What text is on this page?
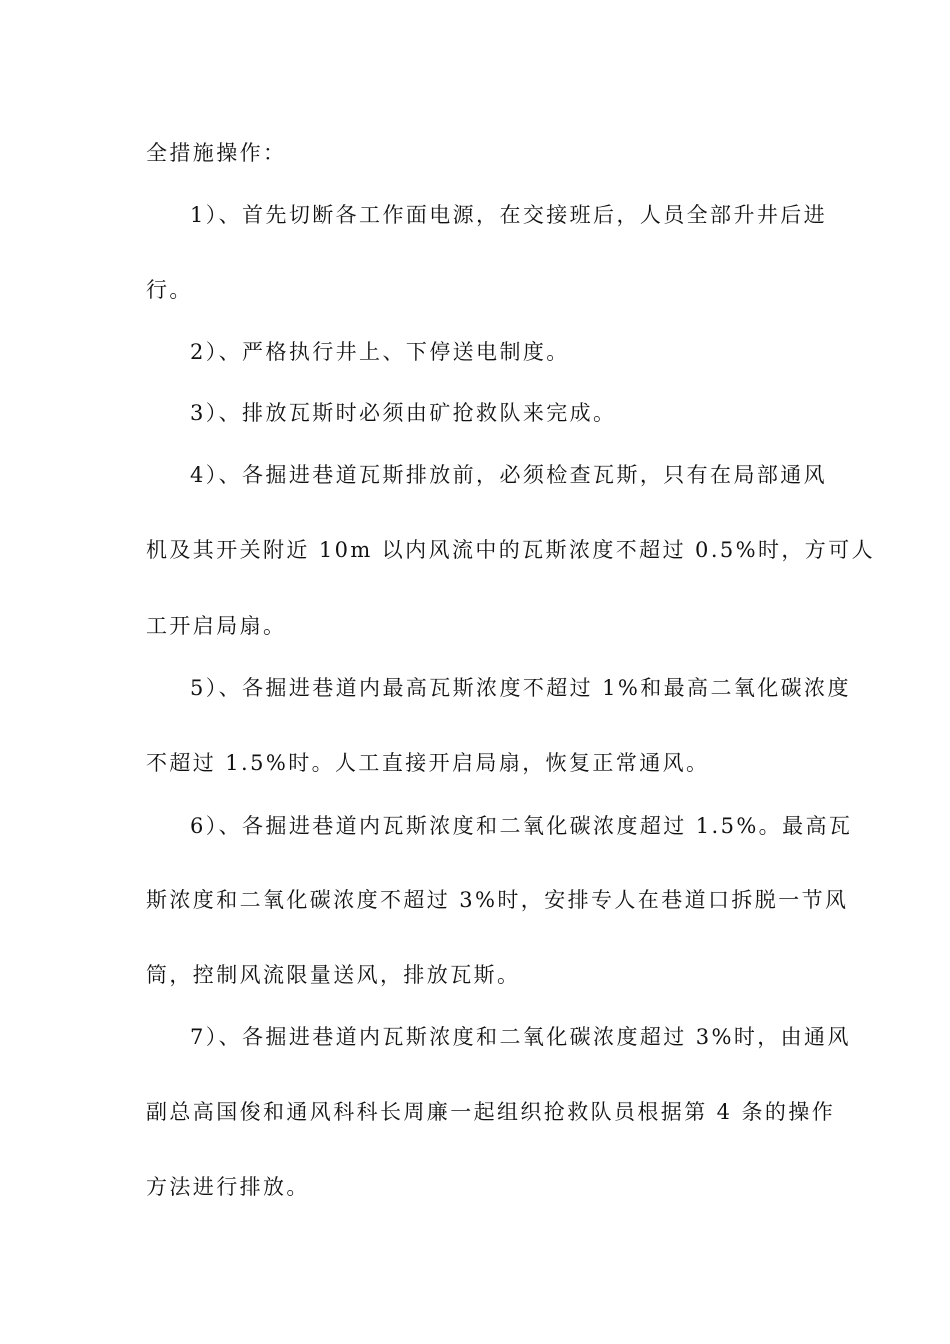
全措施操作：
1）、首先切断各工作面电源，在交接班后，人员全部升井后进
行。
2）、严格执行井上、下停送电制度。
3）、排放瓦斯时必须由矿抢救队来完成。
4）、各掘进巷道瓦斯排放前，必须检查瓦斯，只有在局部通风
机及其开关附近 10m 以内风流中的瓦斯浓度不超过 0.5%时，方可人
工开启局扇。
5）、各掘进巷道内最高瓦斯浓度不超过 1%和最高二氧化碳浓度
不超过 1.5%时。人工直接开启局扇，恢复正常通风。
6）、各掘进巷道内瓦斯浓度和二氧化碳浓度超过 1.5%。最高瓦
斯浓度和二氧化碳浓度不超过 3%时，安排专人在巷道口拆脱一节风
筒，控制风流限量送风，排放瓦斯。
7）、各掘进巷道内瓦斯浓度和二氧化碳浓度超过 3%时，由通风
副总高国俊和通风科科长周廉一起组织抢救队员根据第 4 条的操作
方法进行排放。
